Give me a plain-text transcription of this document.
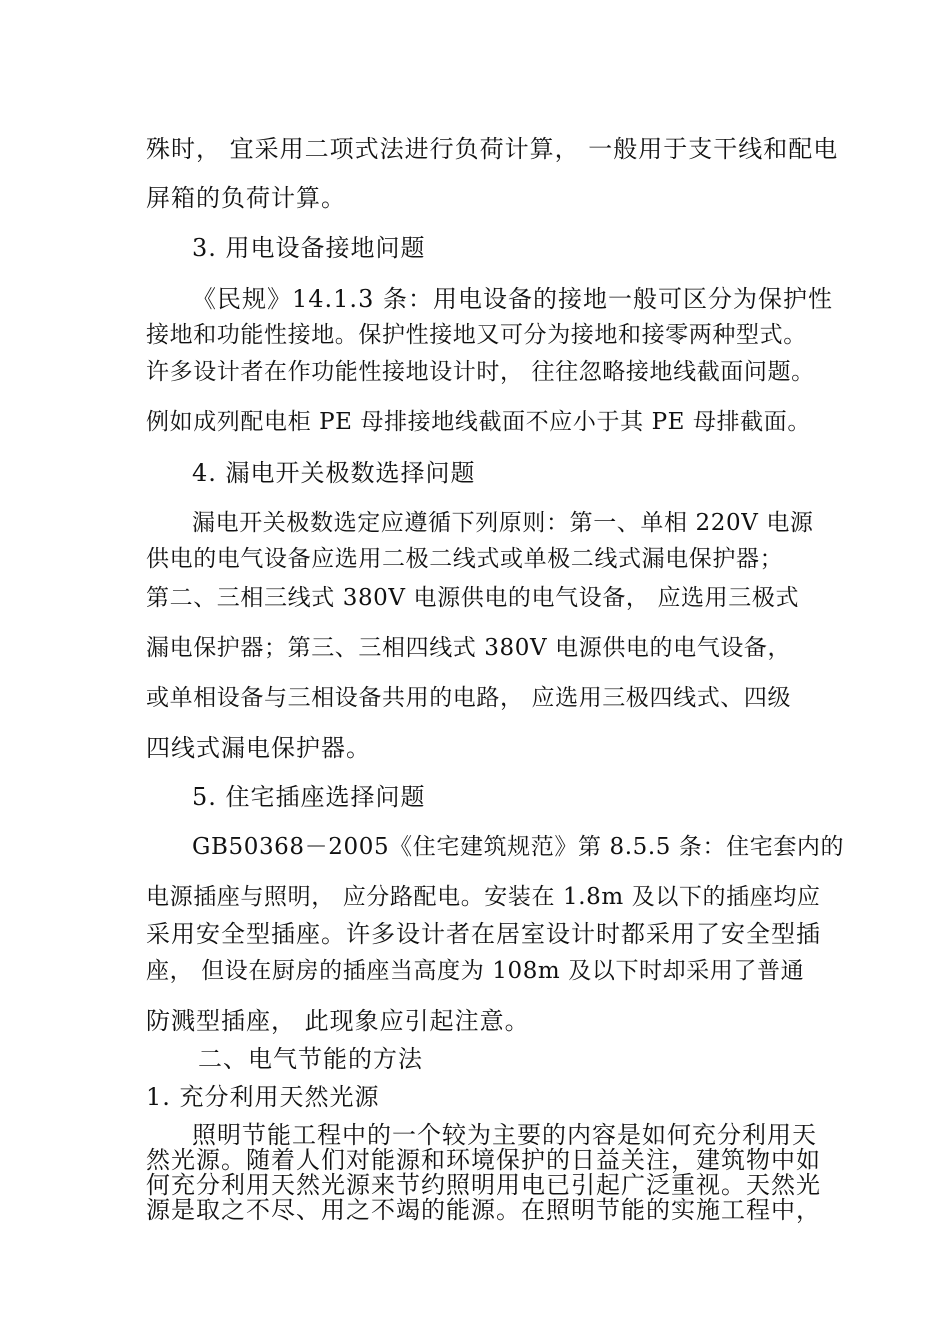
殊时， 宜采用二项式法进行负荷计算， 一般用于支干线和配电

屏箱的负荷计算。

3. 用电设备接地问题

《民规》14.1.3 条：用电设备的接地一般可区分为保护性

接地和功能性接地。保护性接地又可分为接地和接零两种型式。

许多设计者在作功能性接地设计时， 往往忽略接地线截面问题。

例如成列配电柜 PE 母排接地线截面不应小于其 PE 母排截面。

4. 漏电开关极数选择问题

漏电开关极数选定应遵循下列原则：第一、单相 220V 电源

供电的电气设备应选用二极二线式或单极二线式漏电保护器；

第二、三相三线式 380V 电源供电的电气设备， 应选用三极式

漏电保护器；第三、三相四线式 380V 电源供电的电气设备，

或单相设备与三相设备共用的电路， 应选用三极四线式、四级

四线式漏电保护器。

5. 住宅插座选择问题

GB50368－2005《住宅建筑规范》第 8.5.5 条：住宅套内的

电源插座与照明， 应分路配电。安装在 1.8m 及以下的插座均应

采用安全型插座。许多设计者在居室设计时都采用了安全型插

座， 但设在厨房的插座当高度为 108m 及以下时却采用了普通

防溅型插座， 此现象应引起注意。

二、电气节能的方法

1. 充分利用天然光源

照明节能工程中的一个较为主要的内容是如何充分利用天

然光源。随着人们对能源和环境保护的日益关注，建筑物中如

何充分利用天然光源来节约照明用电已引起广泛重视。天然光

源是取之不尽、用之不竭的能源。在照明节能的实施工程中，
